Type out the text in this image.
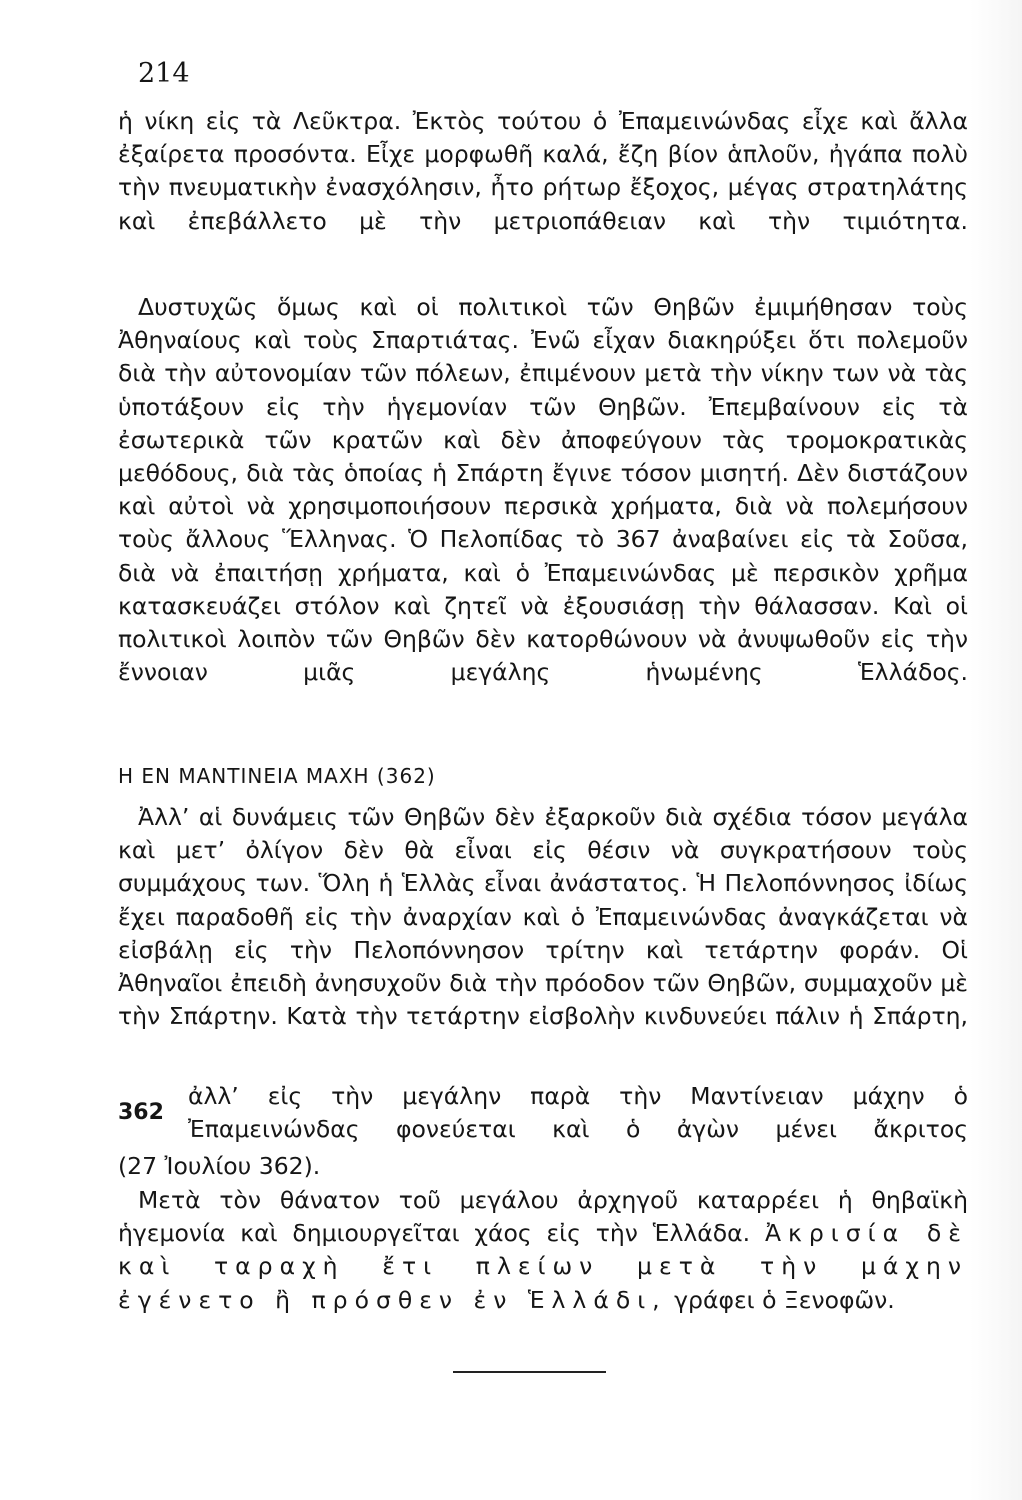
214
ἡ νίκη εἰς τὰ Λεῦκτρα. Ἐκτὸς τούτου ὁ Ἐπαμεινώνδας εἶχε καὶ ἄλλα ἐξαίρετα προσόντα. Εἶχε μορφωθῆ καλά, ἔζη βίον ἁπλοῦν, ἠγάπα πολὺ τὴν πνευματικὴν ἐνασχόλησιν, ἦτο ρήτωρ ἔξοχος, μέγας στρατηλάτης καὶ ἐπεβάλλετο μὲ τὴν μετριοπάθειαν καὶ τὴν τιμιότητα.
Δυστυχῶς ὅμως καὶ οἱ πολιτικοὶ τῶν Θηβῶν ἐμιμήθησαν τοὺς Ἀθηναίους καὶ τοὺς Σπαρτιάτας. Ἐνῶ εἶχαν διακηρύξει ὅτι πολεμοῦν διὰ τὴν αὐτονομίαν τῶν πόλεων, ἐπιμένουν μετὰ τὴν νίκην των νὰ τὰς ὑποτάξουν εἰς τὴν ἡγεμονίαν τῶν Θηβῶν. Ἐπεμβαίνουν εἰς τὰ ἐσωτερικὰ τῶν κρατῶν καὶ δὲν ἀποφεύγουν τὰς τρομοκρατικὰς μεθόδους, διὰ τὰς ὁποίας ἡ Σπάρτη ἔγινε τόσον μισητή. Δὲν διστάζουν καὶ αὐτοὶ νὰ χρησιμοποιήσουν περσικὰ χρήματα, διὰ νὰ πολεμήσουν τοὺς ἄλλους Ἕλληνας. Ὁ Πελοπίδας τὸ 367 ἀναβαίνει εἰς τὰ Σοῦσα, διὰ νὰ ἐπαιτήσῃ χρήματα, καὶ ὁ Ἐπαμεινώνδας μὲ περσικὸν χρῆμα κατασκευάζει στόλον καὶ ζητεῖ νὰ ἐξουσιάσῃ τὴν θάλασσαν. Καὶ οἱ πολιτικοὶ λοιπὸν τῶν Θηβῶν δὲν κατορθώνουν νὰ ἀνυψωθοῦν εἰς τὴν ἔννοιαν μιᾶς μεγάλης ἡνωμένης Ἑλλάδος.
Η ΕΝ ΜΑΝΤΙΝΕΙΑ ΜΑΧΗ (362)
Ἀλλ’ αἱ δυνάμεις τῶν Θηβῶν δὲν ἐξαρκοῦν διὰ σχέδια τόσον μεγάλα καὶ μετ’ ὀλίγον δὲν θὰ εἶναι εἰς θέσιν νὰ συγκρατήσουν τοὺς συμμάχους των. Ὅλη ἡ Ἑλλὰς εἶναι ἀνάστατος. Ἡ Πελοπόννησος ἰδίως ἔχει παραδοθῆ εἰς τὴν ἀναρχίαν καὶ ὁ Ἐπαμεινώνδας ἀναγκάζεται νὰ εἰσβάλῃ εἰς τὴν Πελοπόννησον τρίτην καὶ τετάρτην φοράν. Οἱ Ἀθηναῖοι ἐπειδὴ ἀνησυχοῦν διὰ τὴν πρόοδον τῶν Θηβῶν, συμμαχοῦν μὲ τὴν Σπάρτην. Κατὰ τὴν τετάρτην εἰσβολὴν κινδυνεύει πάλιν ἡ Σπάρτη,
362
ἀλλ’ εἰς τὴν μεγάλην παρὰ τὴν Μαντίνειαν μάχην ὁ Ἐπαμεινώνδας φονεύεται καὶ ὁ ἀγὼν μένει ἄκριτος
(27 Ἰουλίου 362).
Μετὰ τὸν θάνατον τοῦ μεγάλου ἀρχηγοῦ καταρρέει ἡ θηβαϊκὴ ἡγεμονία καὶ δημιουργεῖται χάος εἰς τὴν Ἑλλάδα. Ἀκρισία δὲ καὶ ταραχὴ ἔτι πλείων μετὰ τὴν μάχην ἐγένετο ἢ πρόσθεν ἐν Ἑλλάδι, γράφει ὁ Ξενοφῶν.
